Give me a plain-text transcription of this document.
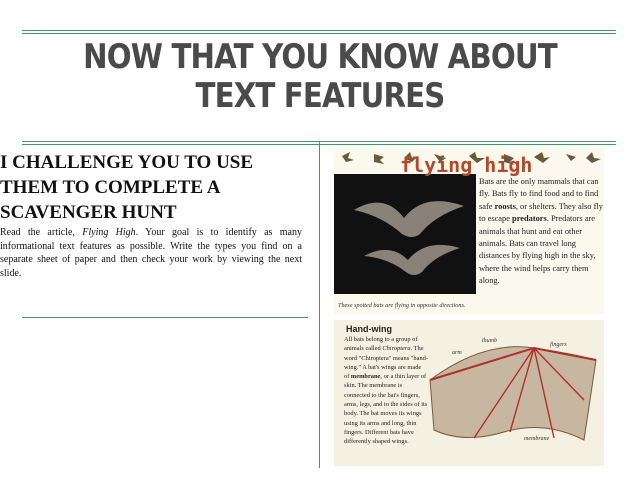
NOW THAT YOU KNOW ABOUT TEXT FEATURES
I CHALLENGE YOU TO USE THEM TO COMPLETE A SCAVENGER HUNT
Read the article, Flying High. Your goal is to identify as many informational text features as possible. Write the types you find on a separate sheet of paper and then check your work by viewing the next slide.
flying high
Bats are the only mammals that can fly. Bats fly to find food and to find safe roosts, or shelters. They also fly to escape predators. Predators are animals that hunt and eat other animals. Bats can travel long distances by flying high in the sky, where the wind helps carry them along.
These spotted bats are flying in opposite directions.
Hand-wing
All bats belong to a group of animals called Chiroptera. The word "Chiroptera" means "hand-wing." A bat's wings are made of membrane, or a thin layer of skin. The membrane is connected to the bat's fingers, arms, legs, and to the sides of its body. The bat moves its wings using its arms and long, thin fingers. Different bats have differently shaped wings.
thumb
arm
fingers
membrane
